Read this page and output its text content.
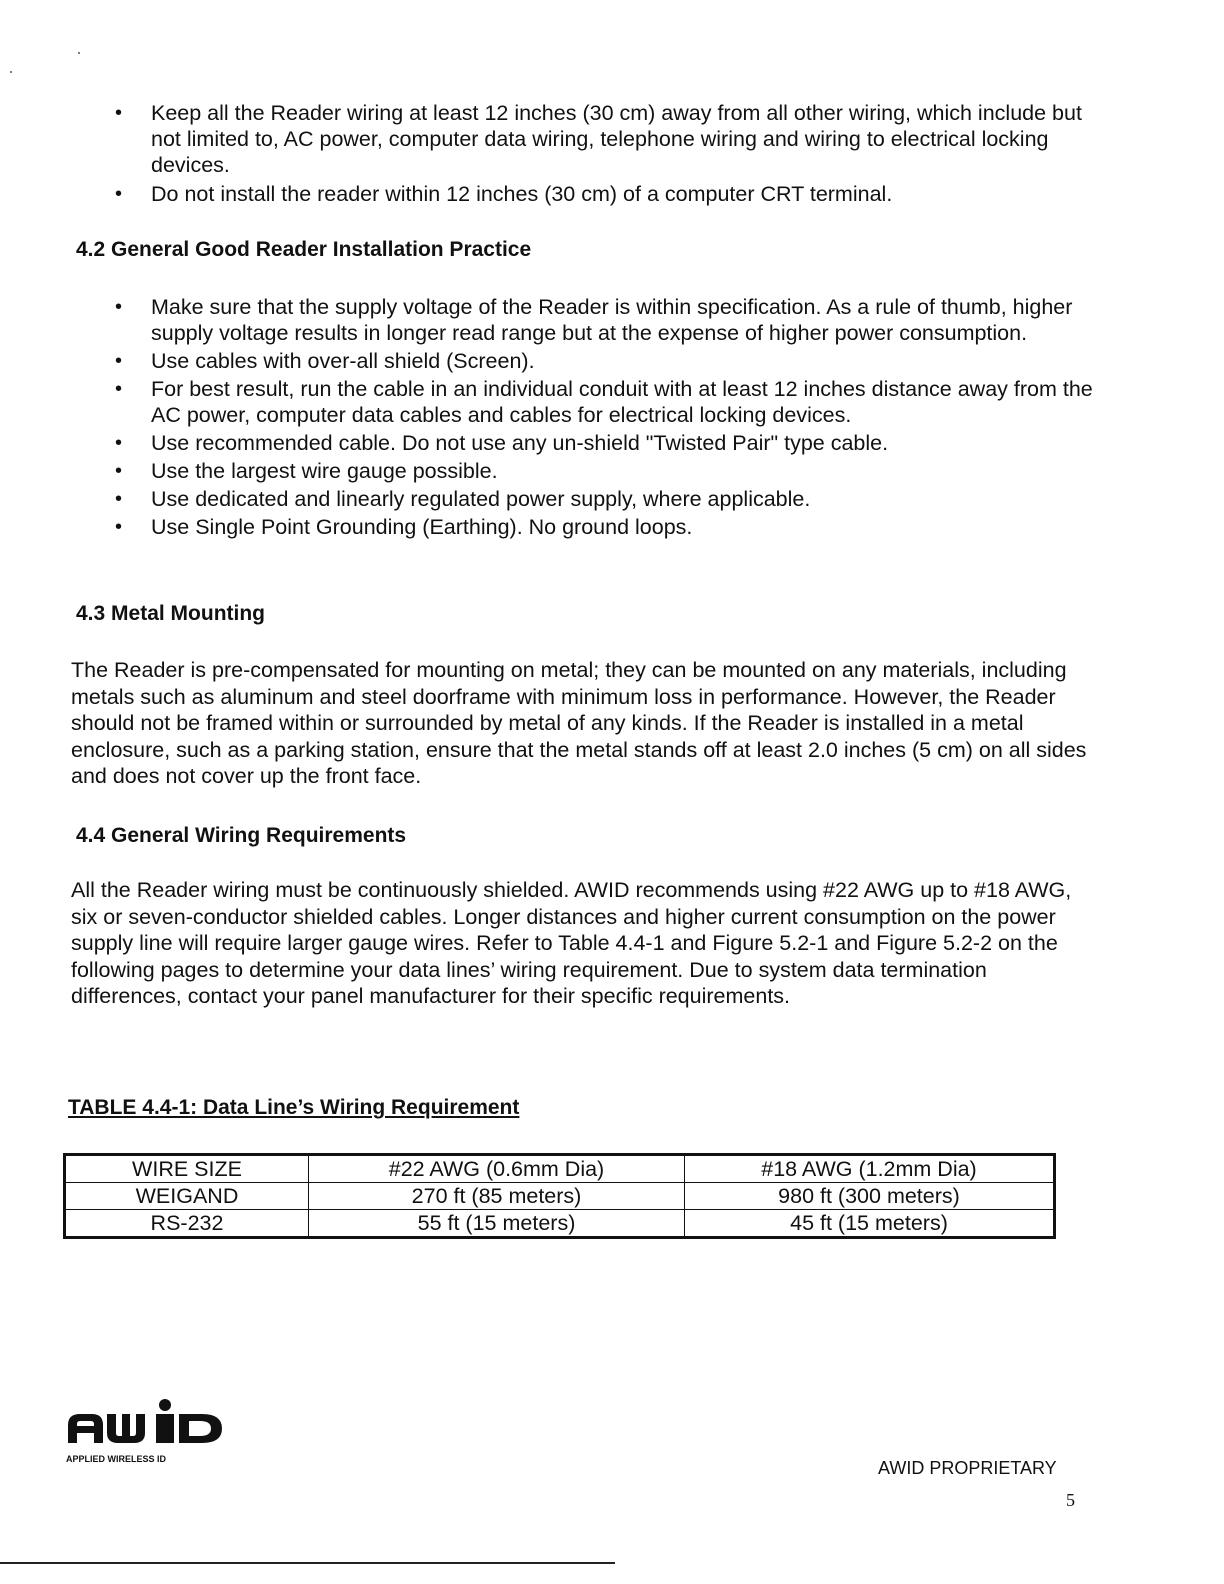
• Keep all the Reader wiring at least 12 inches (30 cm) away from all other wiring, which include but not limited to, AC power, computer data wiring, telephone wiring and wiring to electrical locking devices.
• Do not install the reader within 12 inches (30 cm) of a computer CRT terminal.
4.2 General Good Reader Installation Practice
• Make sure that the supply voltage of the Reader is within specification. As a rule of thumb, higher supply voltage results in longer read range but at the expense of higher power consumption.
• Use cables with over-all shield (Screen).
• For best result, run the cable in an individual conduit with at least 12 inches distance away from the AC power, computer data cables and cables for electrical locking devices.
• Use recommended cable. Do not use any un-shield "Twisted Pair" type cable.
• Use the largest wire gauge possible.
• Use dedicated and linearly regulated power supply, where applicable.
• Use Single Point Grounding (Earthing). No ground loops.
4.3 Metal Mounting

The Reader is pre-compensated for mounting on metal; they can be mounted on any materials, including metals such as aluminum and steel doorframe with minimum loss in performance. However, the Reader should not be framed within or surrounded by metal of any kinds. If the Reader is installed in a metal enclosure, such as a parking station, ensure that the metal stands off at least 2.0 inches (5 cm) on all sides and does not cover up the front face.

4.4 General Wiring Requirements

All the Reader wiring must be continuously shielded. AWID recommends using #22 AWG up to #18 AWG, six or seven-conductor shielded cables. Longer distances and higher current consumption on the power supply line will require larger gauge wires. Refer to Table 4.4-1 and Figure 5.2-1 and Figure 5.2-2 on the following pages to determine your data lines’ wiring requirement. Due to system data termination differences, contact your panel manufacturer for their specific requirements.

TABLE 4.4-1: Data Line’s Wiring Requirement
WIRE SIZE	#22 AWG (0.6mm Dia)	#18 AWG (1.2mm Dia)
WEIGAND	270 ft (85 meters)	980 ft (300 meters)
RS-232	55 ft (15 meters)	45 ft (15 meters)
APPLIED WIRELESS ID	AWID PROPRIETARY
5
